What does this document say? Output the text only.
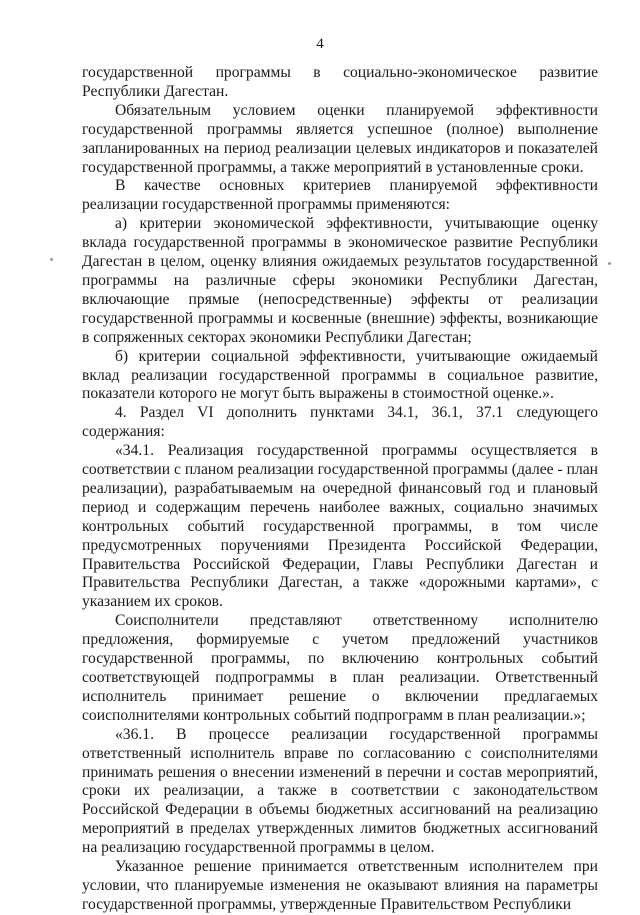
4

государственной программы в социально-экономическое развитие Республики Дагестан.

Обязательным условием оценки планируемой эффективности государственной программы является успешное (полное) выполнение запланированных на период реализации целевых индикаторов и показателей государственной программы, а также мероприятий в установленные сроки.

В качестве основных критериев планируемой эффективности реализации государственной программы применяются:

а) критерии экономической эффективности, учитывающие оценку вклада государственной программы в экономическое развитие Республики Дагестан в целом, оценку влияния ожидаемых результатов государственной программы на различные сферы экономики Республики Дагестан, включающие прямые (непосредственные) эффекты от реализации государственной программы и косвенные (внешние) эффекты, возникающие в сопряженных секторах экономики Республики Дагестан;

б) критерии социальной эффективности, учитывающие ожидаемый вклад реализации государственной программы в социальное развитие, показатели которого не могут быть выражены в стоимостной оценке.».

4. Раздел VI дополнить пунктами 34.1, 36.1, 37.1 следующего содержания:

«34.1. Реализация государственной программы осуществляется в соответствии с планом реализации государственной программы (далее - план реализации), разрабатываемым на очередной финансовый год и плановый период и содержащим перечень наиболее важных, социально значимых контрольных событий государственной программы, в том числе предусмотренных поручениями Президента Российской Федерации, Правительства Российской Федерации, Главы Республики Дагестан и Правительства Республики Дагестан, а также «дорожными картами», с указанием их сроков.

Соисполнители представляют ответственному исполнителю предложения, формируемые с учетом предложений участников государственной программы, по включению контрольных событий соответствующей подпрограммы в план реализации. Ответственный исполнитель принимает решение о включении предлагаемых соисполнителями контрольных событий подпрограмм в план реализации.»;

«36.1. В процессе реализации государственной программы ответственный исполнитель вправе по согласованию с соисполнителями принимать решения о внесении изменений в перечни и состав мероприятий, сроки их реализации, а также в соответствии с законодательством Российской Федерации в объемы бюджетных ассигнований на реализацию мероприятий в пределах утвержденных лимитов бюджетных ассигнований на реализацию государственной программы в целом.

Указанное решение принимается ответственным исполнителем при условии, что планируемые изменения не оказывают влияния на параметры государственной программы, утвержденные Правительством Республики
